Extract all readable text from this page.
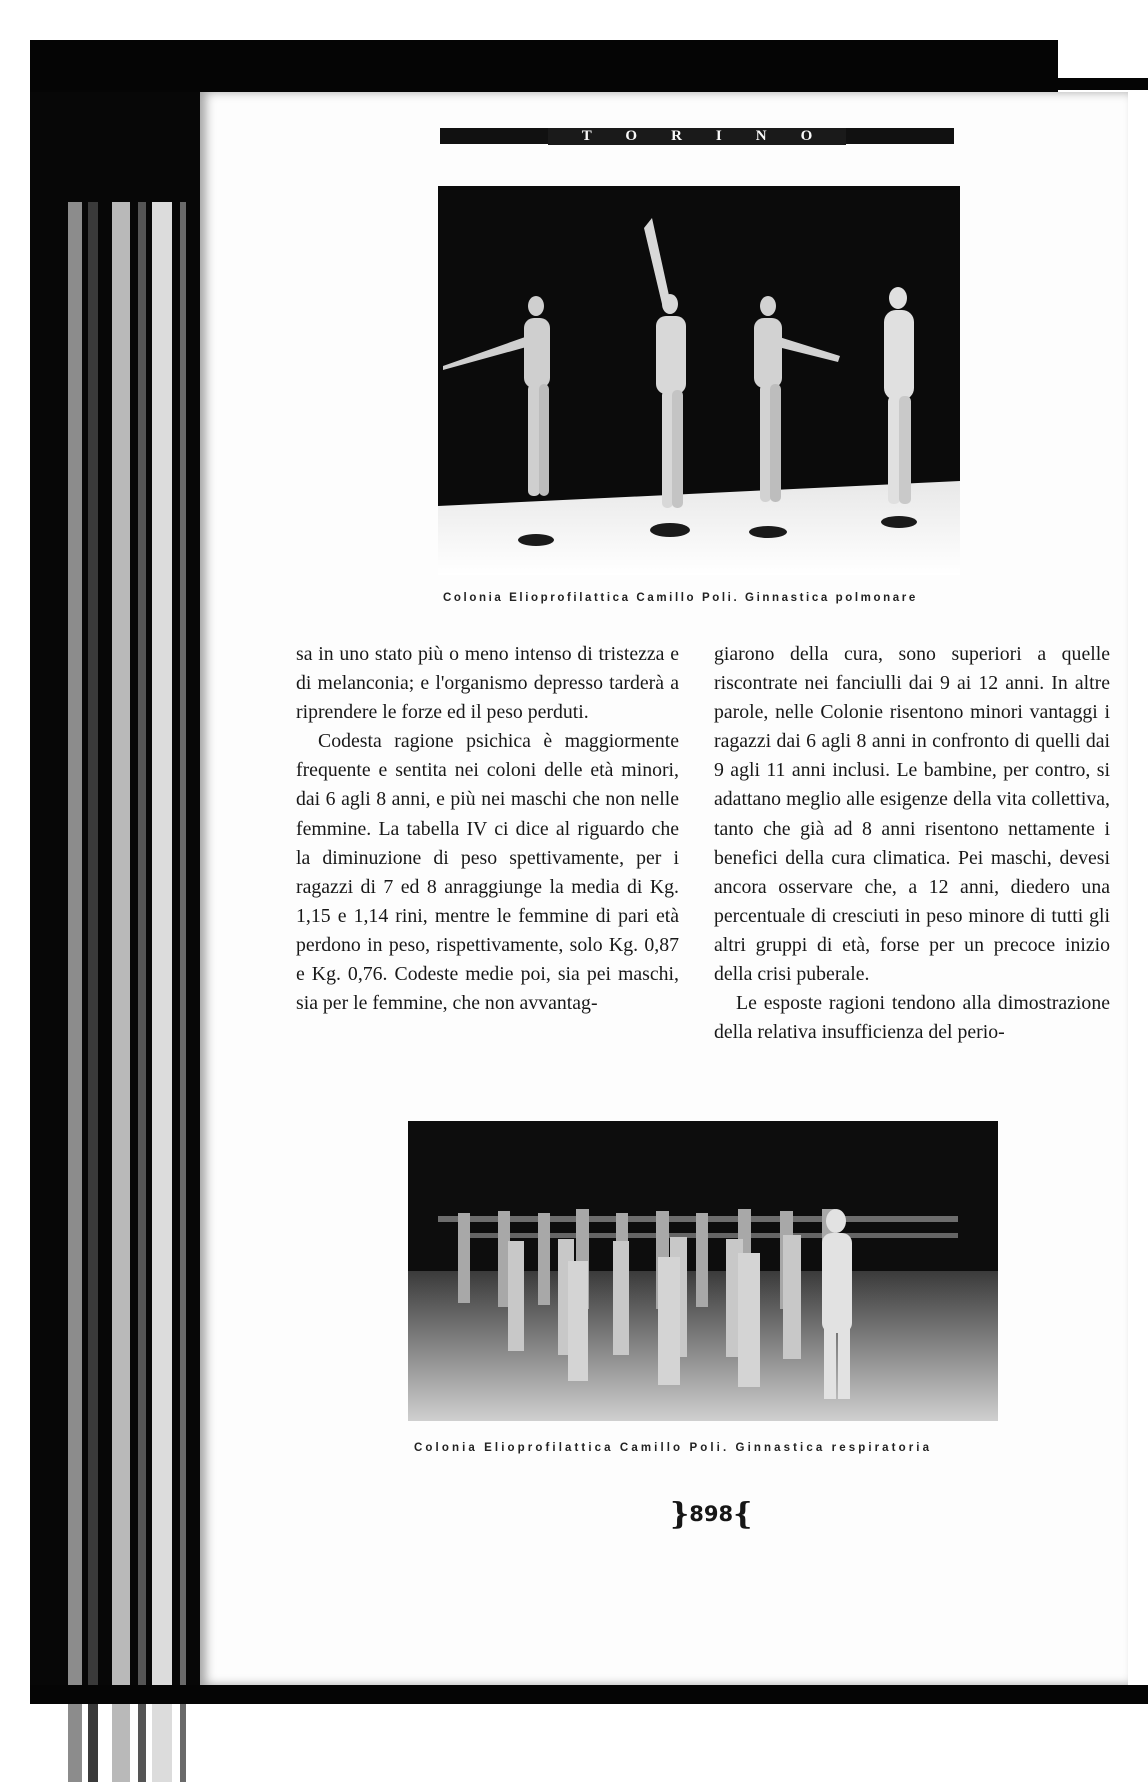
TORINO
Colonia Elioprofilattica Camillo Poli. Ginnastica polmonare

sa in uno stato più o meno intenso di tristezza e di melanconia; e l'organismo depresso tarderà a riprendere le forze ed il peso perduti.

Codesta ragione psichica è maggiormente frequente e sentita nei coloni delle età minori, dai 6 agli 8 anni, e più nei maschi che non nelle femmine. La tabella IV ci dice al riguardo che la diminuzione di peso spettivamente, per i ragazzi di 7 ed 8 anraggiunge la media di Kg. 1,15 e 1,14 rini, mentre le femmine di pari età perdono in peso, rispettivamente, solo Kg. 0,87 e Kg. 0,76. Codeste medie poi, sia pei maschi, sia per le femmine, che non avvantag-

giarono della cura, sono superiori a quelle riscontrate nei fanciulli dai 9 ai 12 anni. In altre parole, nelle Colonie risentono minori vantaggi i ragazzi dai 6 agli 8 anni in confronto di quelli dai 9 agli 11 anni inclusi. Le bambine, per contro, si adattano meglio alle esigenze della vita collettiva, tanto che già ad 8 anni risentono nettamente i benefici della cura climatica. Pei maschi, devesi ancora osservare che, a 12 anni, diedero una percentuale di cresciuti in peso minore di tutti gli altri gruppi di età, forse per un precoce inizio della crisi puberale.

Le esposte ragioni tendono alla dimostrazione della relativa insufficienza del perio-

Colonia Elioprofilattica Camillo Poli. Ginnastica respiratoria
}898{
